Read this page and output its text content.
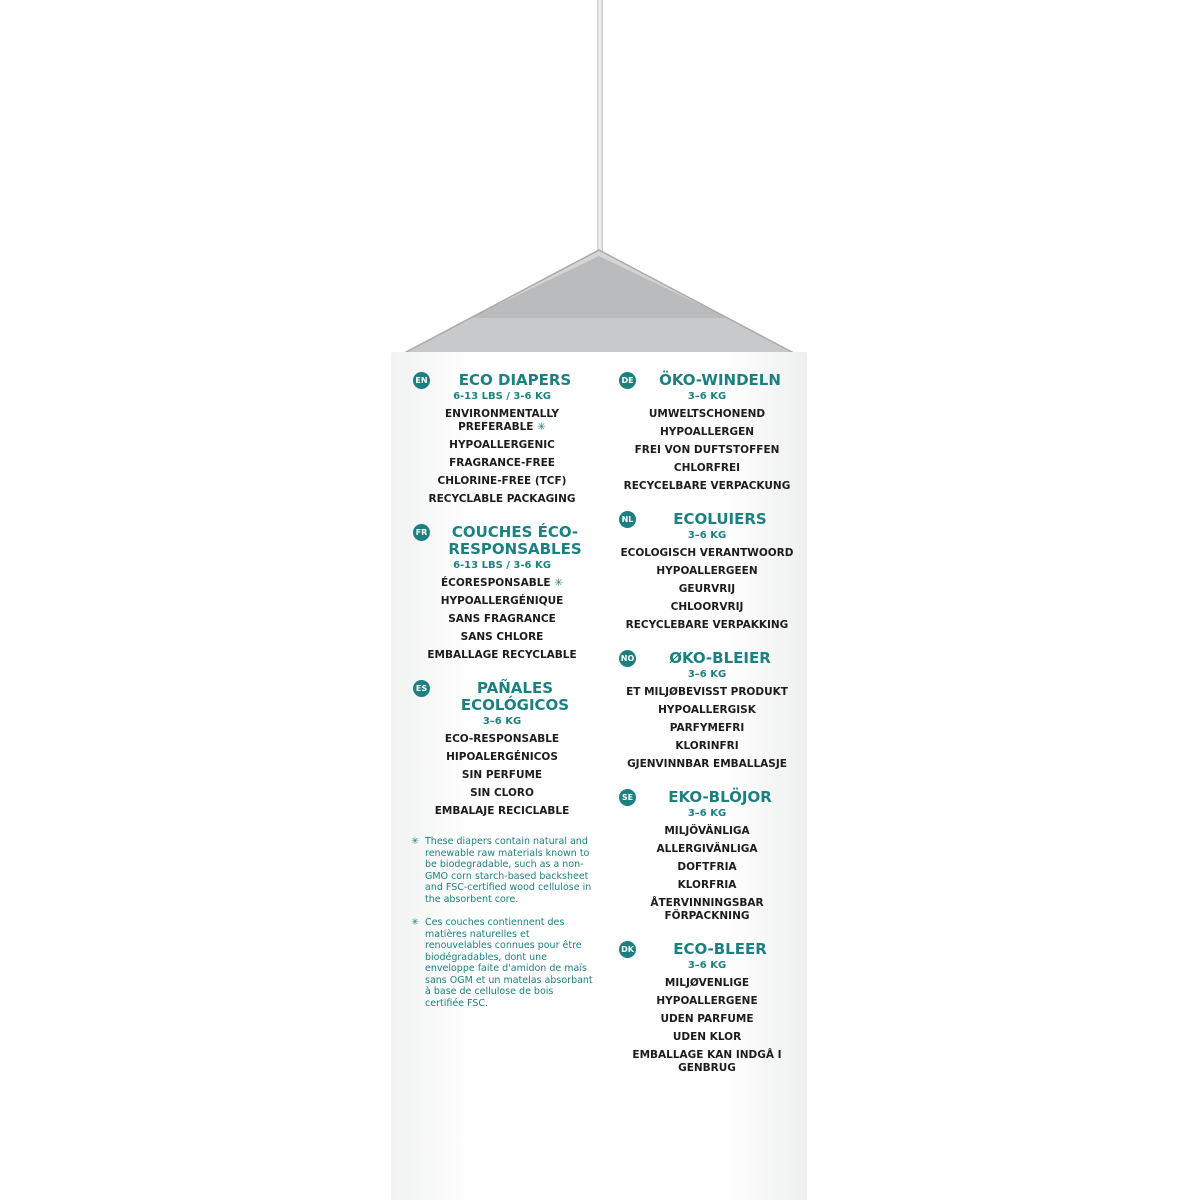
EN	ECO DIAPERS
6-13 LBS / 3-6 KG
ENVIRONMENTALLY PREFERABLE ✳
HYPOALLERGENIC
FRAGRANCE-FREE
CHLORINE-FREE (TCF)
RECYCLABLE PACKAGING
FR	COUCHES ÉCO-RESPONSABLES
6-13 LBS / 3-6 KG
ÉCORESPONSABLE ✳
HYPOALLERGÉNIQUE
SANS FRAGRANCE
SANS CHLORE
EMBALLAGE RECYCLABLE
ES	PAÑALES ECOLÓGICOS
3–6 KG
ECO-RESPONSABLE
HIPOALERGÉNICOS
SIN PERFUME
SIN CLORO
EMBALAJE RECICLABLE
✳ These diapers contain natural and renewable raw materials known to be biodegradable, such as a non-GMO corn starch-based backsheet and FSC-certified wood cellulose in the absorbent core.
✳ Ces couches contiennent des matières naturelles et renouvelables connues pour être biodégradables, dont une enveloppe faite d'amidon de maïs sans OGM et un matelas absorbant à base de cellulose de bois certifiée FSC.
DE	ÖKO-WINDELN
3–6 KG
UMWELTSCHONEND
HYPOALLERGEN
FREI VON DUFTSTOFFEN
CHLORFREI
RECYCELBARE VERPACKUNG
NL	ECOLUIERS
3–6 KG
ECOLOGISCH VERANTWOORD
HYPOALLERGEEN
GEURVRIJ
CHLOORVRIJ
RECYCLEBARE VERPAKKING
NO	ØKO-BLEIER
3–6 KG
ET MILJØBEVISST PRODUKT
HYPOALLERGISK
PARFYMEFRI
KLORINFRI
GJENVINNBAR EMBALLASJE
SE	EKO-BLÖJOR
3–6 KG
MILJÖVÄNLIGA
ALLERGIVÄNLIGA
DOFTFRIA
KLORFRIA
ÅTERVINNINGSBAR FÖRPACKNING
DK	ECO-BLEER
3–6 KG
MILJØVENLIGE
HYPOALLERGENE
UDEN PARFUME
UDEN KLOR
EMBALLAGE KAN INDGÅ I GENBRUG
